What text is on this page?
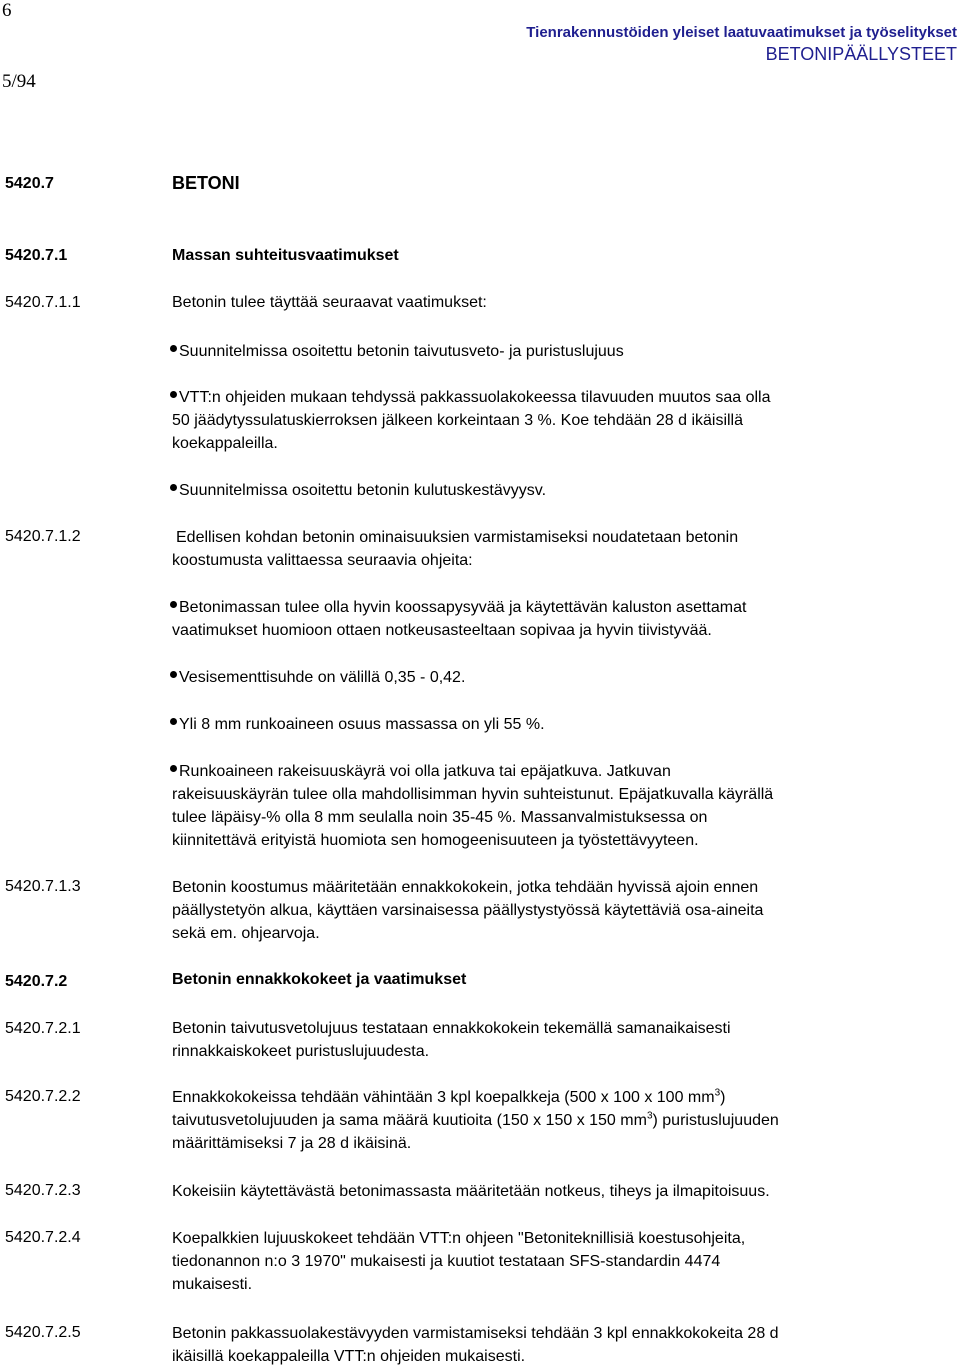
6
5/94
Tienrakennustöiden yleiset laatuvaatimukset ja työselitykset
BETONIPÄÄLLYSTEET
5420.7	BETONI
5420.7.1	Massan suhteitusvaatimukset
5420.7.1.1	Betonin tulee täyttää seuraavat vaatimukset:
Suunnitelmissa osoitettu betonin taivutusveto- ja puristuslujuus
VTT:n ohjeiden mukaan tehdyssä pakkassuolakokeessa tilavuuden muutos saa olla
50 jäädytyssulatuskierroksen jälkeen korkeintaan 3 %. Koe tehdään 28 d ikäisillä
koekappaleilla.
Suunnitelmissa osoitettu betonin kulutuskestävyysv.
5420.7.1.2	Edellisen kohdan betonin ominaisuuksien varmistamiseksi noudatetaan betonin
koostumusta valittaessa seuraavia ohjeita:
Betonimassan tulee olla hyvin koossapysyvää ja käytettävän kaluston asettamat
vaatimukset huomioon ottaen notkeusasteeltaan sopivaa ja hyvin tiivistyvää.
Vesisementtisuhde on välillä 0,35 - 0,42.
Yli 8 mm runkoaineen osuus massassa on yli 55 %.
Runkoaineen rakeisuuskäyrä voi olla jatkuva tai epäjatkuva. Jatkuvan
rakeisuuskäyrän tulee olla mahdollisimman hyvin suhteistunut. Epäjatkuvalla käyrällä
tulee läpäisy-% olla 8 mm seulalla noin 35-45 %. Massanvalmistuksessa on
kiinnitettävä erityistä huomiota sen homogeenisuuteen ja työstettävyyteen.
5420.7.1.3	Betonin koostumus määritetään ennakkokokein, jotka tehdään hyvissä ajoin ennen
päällystetyön alkua, käyttäen varsinaisessa päällystystyössä käytettäviä osa-aineita
sekä em. ohjearvoja.
5420.7.2	Betonin ennakkokokeet ja vaatimukset
5420.7.2.1	Betonin taivutusvetolujuus testataan ennakkokokein tekemällä samanaikaisesti
rinnakkaiskokeet puristuslujuudesta.
5420.7.2.2	Ennakkokokeissa tehdään vähintään 3 kpl koepalkkeja (500 x 100 x 100 $mm^3$)
taivutusvetolujuuden ja sama määrä kuutioita (150 x 150 x 150 $mm^3$) puristuslujuuden
määrittämiseksi 7 ja 28 d ikäisinä.
5420.7.2.3	Kokeisiin käytettävästä betonimassasta määritetään notkeus, tiheys ja ilmapitoisuus.
5420.7.2.4	Koepalkkien lujuuskokeet tehdään VTT:n ohjeen "Betoniteknillisiä koestusohjeita,
tiedonannon n:o 3 1970" mukaisesti ja kuutiot testataan SFS-standardin 4474
mukaisesti.
5420.7.2.5	Betonin pakkassuolakestävyyden varmistamiseksi tehdään 3 kpl ennakkokokeita 28 d
ikäisillä koekappaleilla VTT:n ohjeiden mukaisesti.
